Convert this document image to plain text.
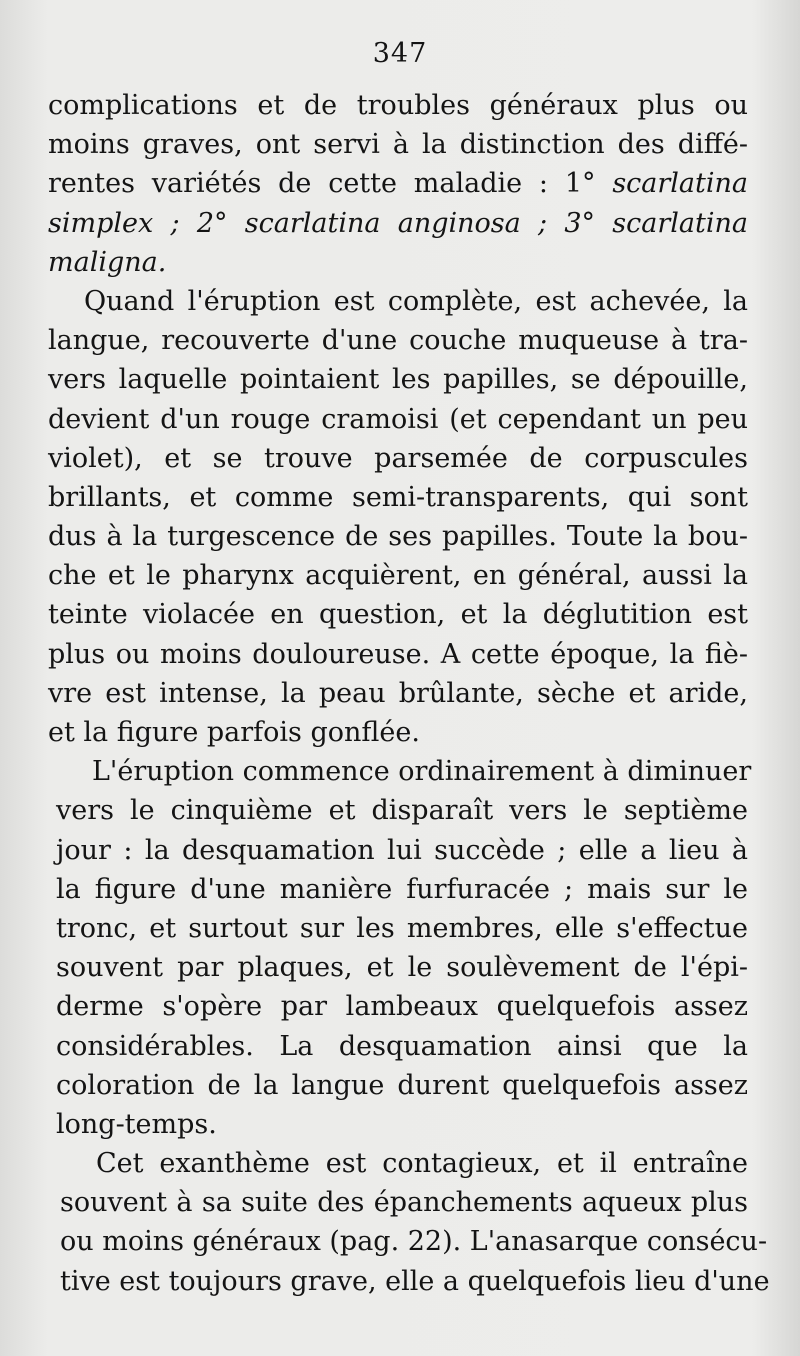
347
complications et de troubles généraux plus ou
moins graves, ont servi à la distinction des diffé-
rentes variétés de cette maladie : 1° scarlatina
simplex ; 2° scarlatina anginosa ; 3° scarlatina
maligna.
Quand l'éruption est complète, est achevée, la
langue, recouverte d'une couche muqueuse à tra-
vers laquelle pointaient les papilles, se dépouille,
devient d'un rouge cramoisi (et cependant un peu
violet), et se trouve parsemée de corpuscules
brillants, et comme semi-transparents, qui sont
dus à la turgescence de ses papilles. Toute la bou-
che et le pharynx acquièrent, en général, aussi la
teinte violacée en question, et la déglutition est
plus ou moins douloureuse. A cette époque, la fiè-
vre est intense, la peau brûlante, sèche et aride,
et la figure parfois gonflée.
L'éruption commence ordinairement à diminuer
vers le cinquième et disparaît vers le septième
jour : la desquamation lui succède ; elle a lieu à
la figure d'une manière furfuracée ; mais sur le
tronc, et surtout sur les membres, elle s'effectue
souvent par plaques, et le soulèvement de l'épi-
derme s'opère par lambeaux quelquefois assez
considérables. La desquamation ainsi que la
coloration de la langue durent quelquefois assez
long-temps.
Cet exanthème est contagieux, et il entraîne
souvent à sa suite des épanchements aqueux plus
ou moins généraux (pag. 22). L'anasarque consécu-
tive est toujours grave, elle a quelquefois lieu d'une
